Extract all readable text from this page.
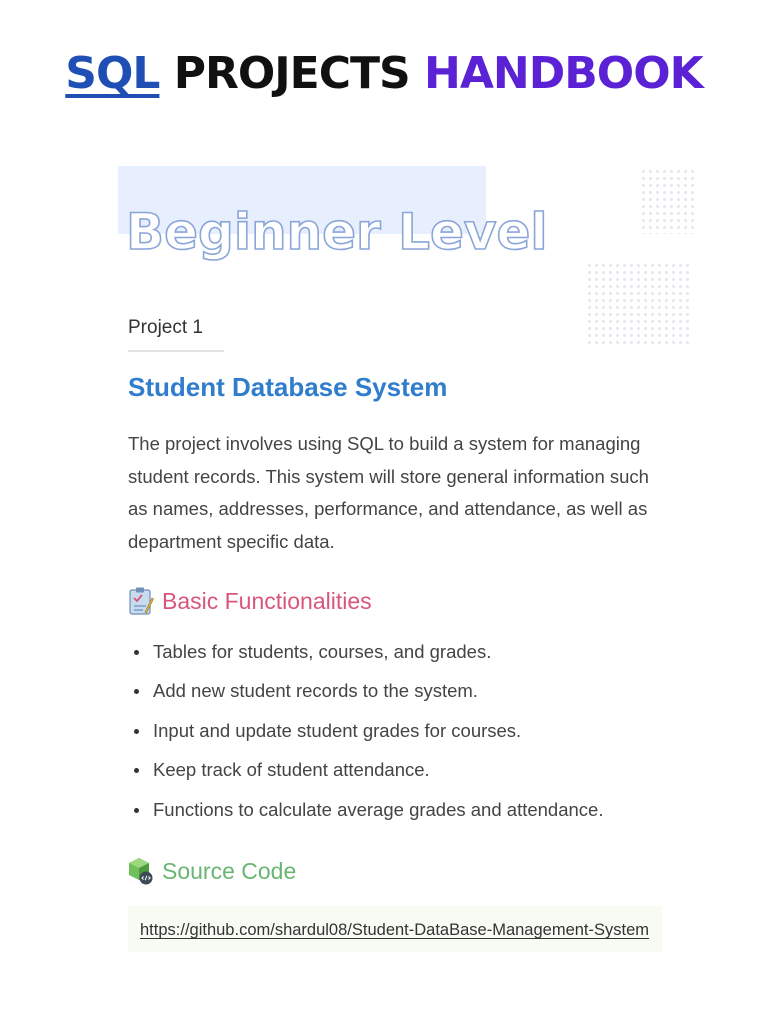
SQL PROJECTS HANDBOOK
Beginner Level
Project 1
Student Database System

The project involves using SQL to build a system for managing student records. This system will store general information such as names, addresses, performance, and attendance, as well as department specific data.

Basic Functionalities
Tables for students, courses, and grades.
Add new student records to the system.
Input and update student grades for courses.
Keep track of student attendance.
Functions to calculate average grades and attendance.
Source Code
https://github.com/shardul08/Student-DataBase-Management-System
